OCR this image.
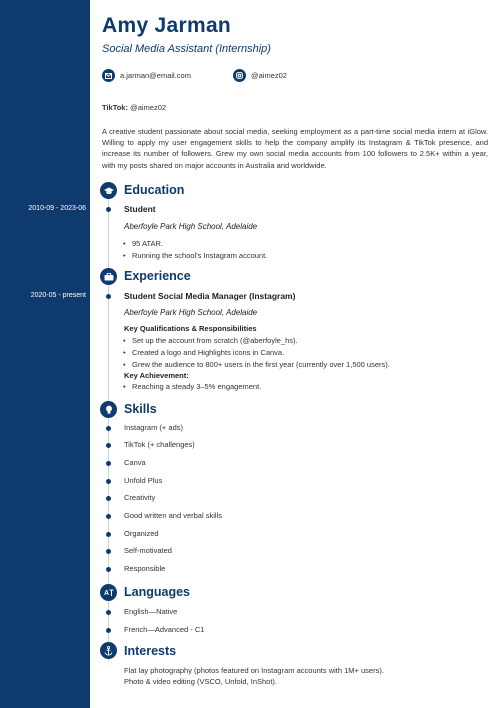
Amy Jarman
Social Media Assistant (Internship)
a.jarman@email.com	@aimez02
TikTok: @aimez02
A creative student passionate about social media, seeking employment as a part-time social media intern at iGlow. Willing to apply my user engagement skills to help the company amplify its Instagram & TikTok presence, and increase its number of followers. Grew my own social media accounts from 100 followers to 2.5K+ within a year, with my posts shared on major accounts in Australia and worldwide.
Education
2010-09 - 2023-06	Student
Aberfoyle Park High School, Adelaide
• 95 ATAR.
• Running the school's Instagram account.
Experience
2020-05 - present	Student Social Media Manager (Instagram)
Aberfoyle Park High School, Adelaide
Key Qualifications & Responsibilities
• Set up the account from scratch (@aberfoyle_hs).
• Created a logo and Highlights icons in Canva.
• Grew the audience to 800+ users in the first year (currently over 1,500 users).
Key Achievement:
• Reaching a steady 3–5% engagement.
Skills
Instagram (+ ads)
TikTok (+ challenges)
Canva
Unfold Plus
Creativity
Good written and verbal skills
Organized
Self-motivated
Responsible
A Languages
English—Native
French—Advanced - C1
Interests
Flat lay photography (photos featured on Instagram accounts with 1M+ users).
Photo & video editing (VSCO, Unfold, InShot).
